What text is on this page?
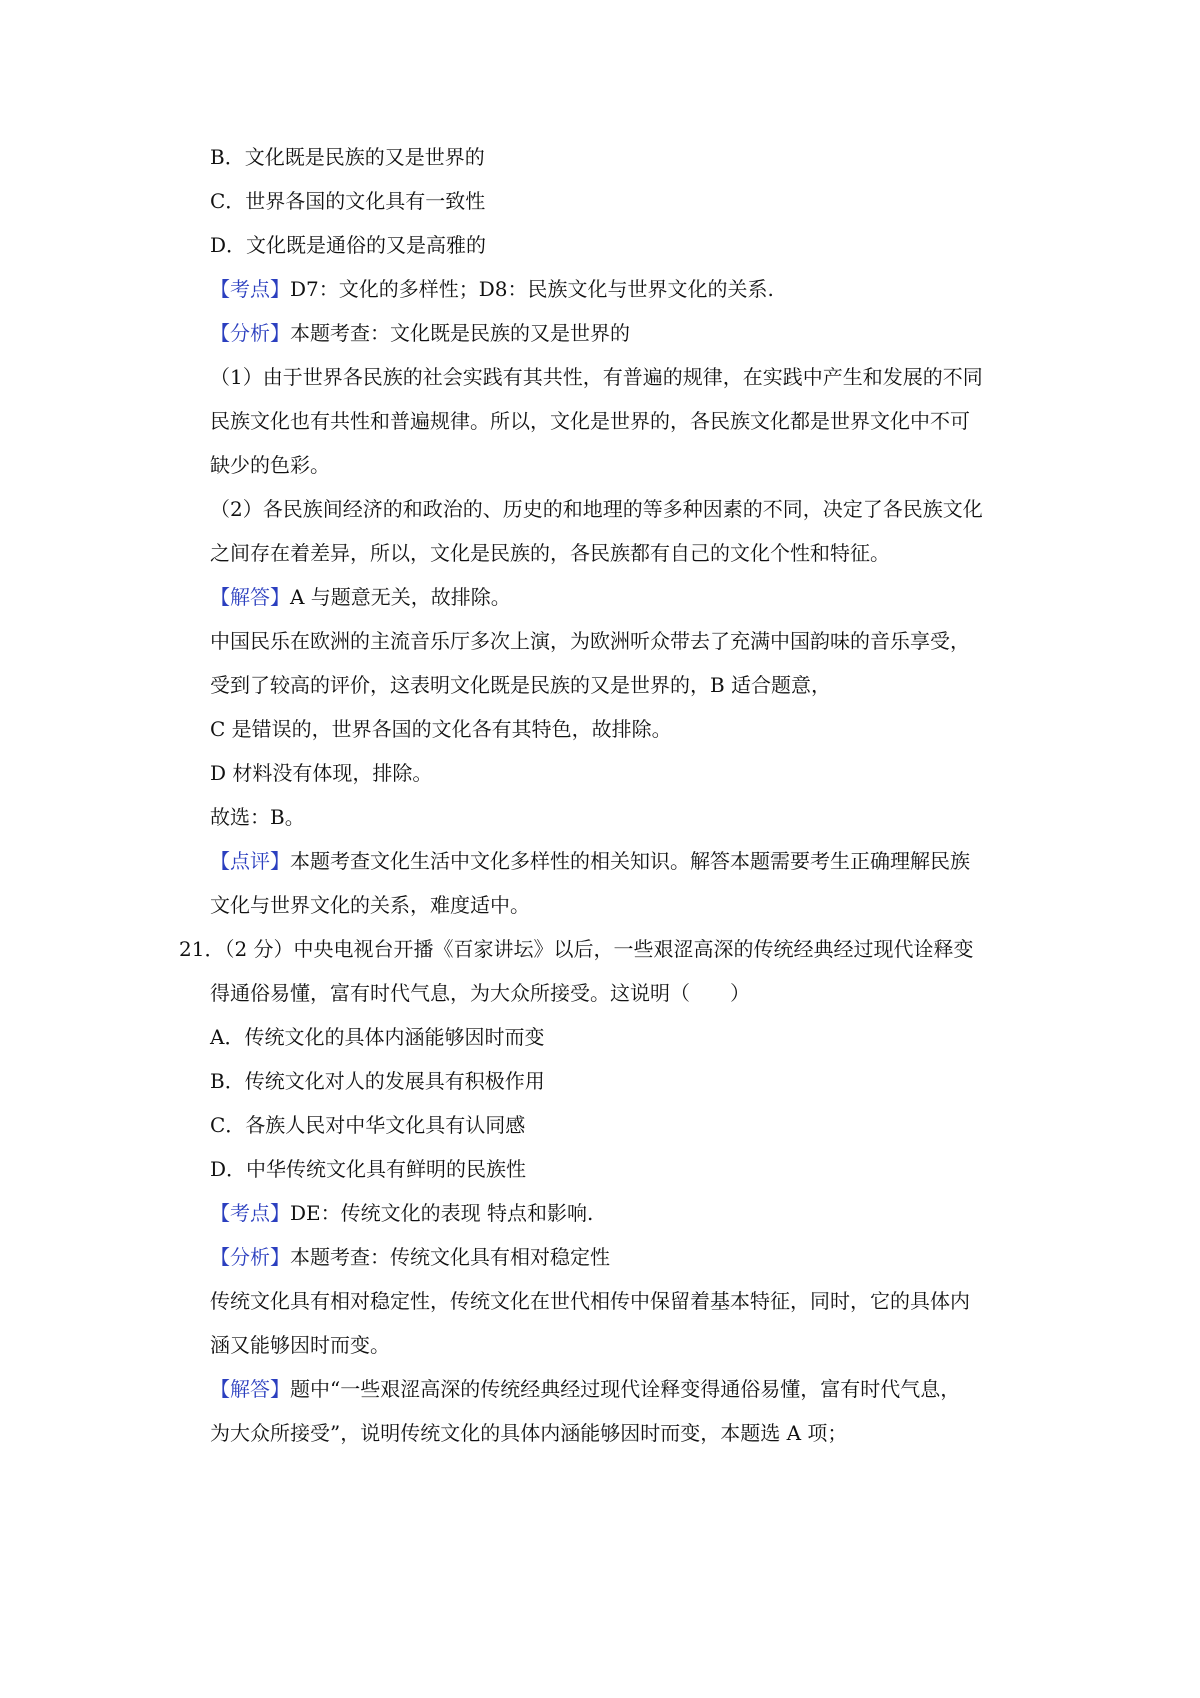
B．文化既是民族的又是世界的
C．世界各国的文化具有一致性
D．文化既是通俗的又是高雅的
【考点】D7：文化的多样性；D8：民族文化与世界文化的关系.
【分析】本题考查：文化既是民族的又是世界的
（1）由于世界各民族的社会实践有其共性，有普遍的规律，在实践中产生和发展的不同
民族文化也有共性和普遍规律。所以，文化是世界的，各民族文化都是世界文化中不可
缺少的色彩。
（2）各民族间经济的和政治的、历史的和地理的等多种因素的不同，决定了各民族文化
之间存在着差异，所以，文化是民族的，各民族都有自己的文化个性和特征。
【解答】A 与题意无关，故排除。
中国民乐在欧洲的主流音乐厅多次上演，为欧洲听众带去了充满中国韵味的音乐享受，
受到了较高的评价，这表明文化既是民族的又是世界的，B 适合题意，
C 是错误的，世界各国的文化各有其特色，故排除。
D 材料没有体现，排除。
故选：B。
【点评】本题考查文化生活中文化多样性的相关知识。解答本题需要考生正确理解民族
文化与世界文化的关系，难度适中。
21．（2 分）中央电视台开播《百家讲坛》以后，一些艰涩高深的传统经典经过现代诠释变
得通俗易懂，富有时代气息，为大众所接受。这说明（　　）
A．传统文化的具体内涵能够因时而变
B．传统文化对人的发展具有积极作用
C．各族人民对中华文化具有认同感
D．中华传统文化具有鲜明的民族性
【考点】DE：传统文化的表现 特点和影响.
【分析】本题考查：传统文化具有相对稳定性
传统文化具有相对稳定性，传统文化在世代相传中保留着基本特征，同时，它的具体内
涵又能够因时而变。
【解答】题中“一些艰涩高深的传统经典经过现代诠释变得通俗易懂，富有时代气息，
为大众所接受”，说明传统文化的具体内涵能够因时而变，本题选 A 项；
